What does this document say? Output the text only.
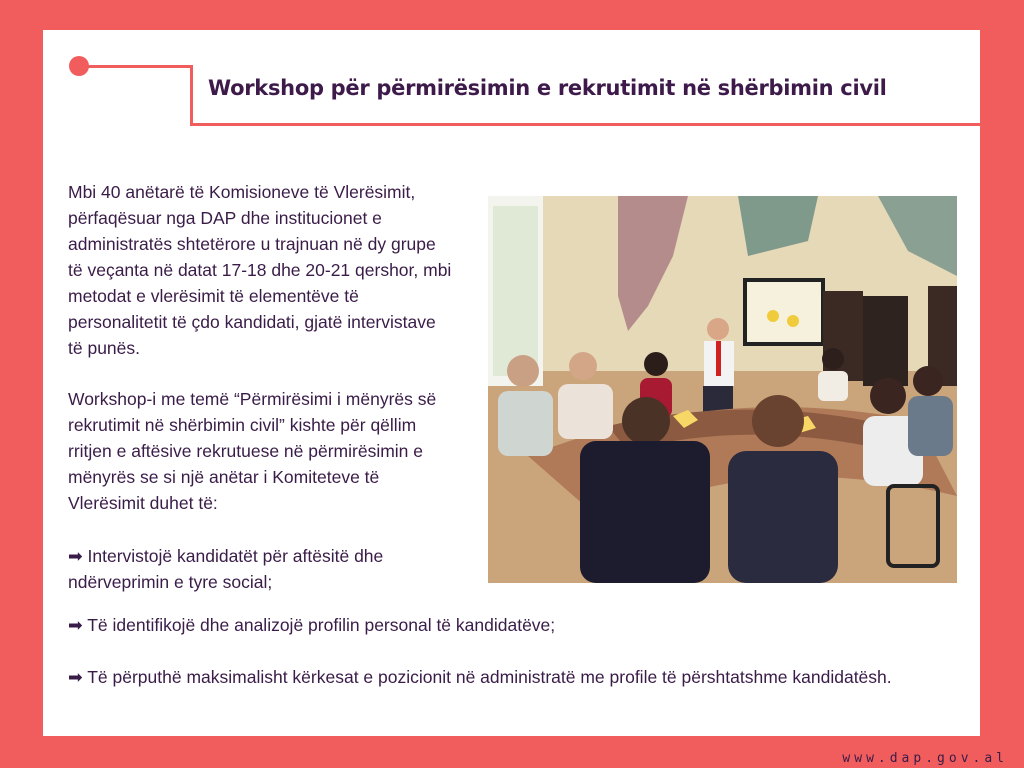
Workshop për përmirësimin e rekrutimit në shërbimin civil

Mbi 40 anëtarë të Komisioneve të Vlerësimit, përfaqësuar nga DAP dhe institucionet e administratës shtetërore u trajnuan në dy grupe të veçanta në datat 17-18 dhe 20-21 qershor, mbi metodat e vlerësimit të elementëve të personalitetit të çdo kandidati, gjatë intervistave të punës.

Workshop-i me temë “Përmirësimi i mënyrës së rekrutimit në shërbimin civil” kishte për qëllim rritjen e aftësive rekrutuese në përmirësimin e mënyrës se si një anëtar i Komiteteve të Vlerësimit duhet të:

➡ Intervistojë kandidatët për aftësitë dhe ndërveprimin e tyre social;

➡ Të identifikojë dhe analizojë profilin personal të kandidatëve;

➡ Të përputhë maksimalisht kërkesat e pozicionit në administratë me profile të përshtatshme kandidatësh.

www.dap.gov.al
